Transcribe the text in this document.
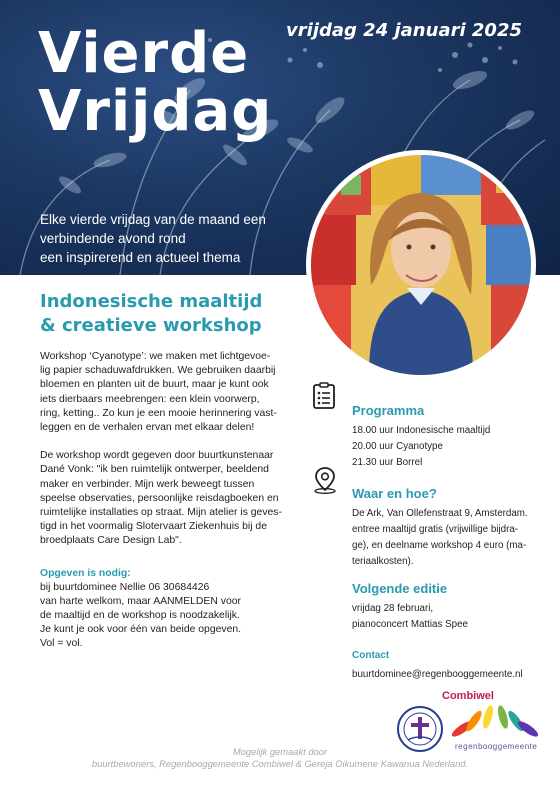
Vierde
Vrijdag
vrijdag 24 januari 2025
Elke vierde vrijdag van de maand een
verbindende avond rond
een inspirerend en actueel thema
Indonesische maaltijd
& creatieve workshop
Workshop ‘Cyanotype’: we maken met lichtgevoe-
lig papier schaduwafdrukken. We gebruiken daarbij
bloemen en planten uit de buurt, maar je kunt ook
iets dierbaars meebrengen: een klein voorwerp,
ring, ketting.. Zo kun je een mooie herinnering vast-
leggen en de verhalen ervan met elkaar delen!
De workshop wordt gegeven door buurtkunstenaar
Dané Vonk: "ik ben ruimtelijk ontwerper, beeldend
maker en verbinder. Mijn werk beweegt tussen
speelse observaties, persoonlijke reisdagboeken en
ruimtelijke installaties op straat. Mijn atelier is geves-
tigd in het voormalig Slotervaart Ziekenhuis bij de
broedplaats Care Design Lab".
Opgeven is nodig:
bij buurtdominee Nellie 06 30684426
van harte welkom, maar AANMELDEN voor
de maaltijd en de workshop is noodzakelijk.
Je kunt je ook voor één van beide opgeven.
Vol = vol.
Programma
18.00 uur Indonesische maaltijd
20.00 uur Cyanotype
21.30 uur Borrel
Waar en hoe?
De Ark, Van Ollefenstraat 9, Amsterdam.
entree maaltijd gratis (vrijwillige bijdra-
ge), en deelname workshop 4 euro (ma-
teriaalkosten).
Volgende editie
vrijdag 28 februari,
pianoconcert Mattias Spee
Contact
buurtdominee@regenbooggemeente.nl
Combiwel
regenbooggemeente
Mogelijk gemaakt door
buurtbewoners, Regenbooggemeente Combiwel & Gereja Oikumene Kawanua Nederland.
